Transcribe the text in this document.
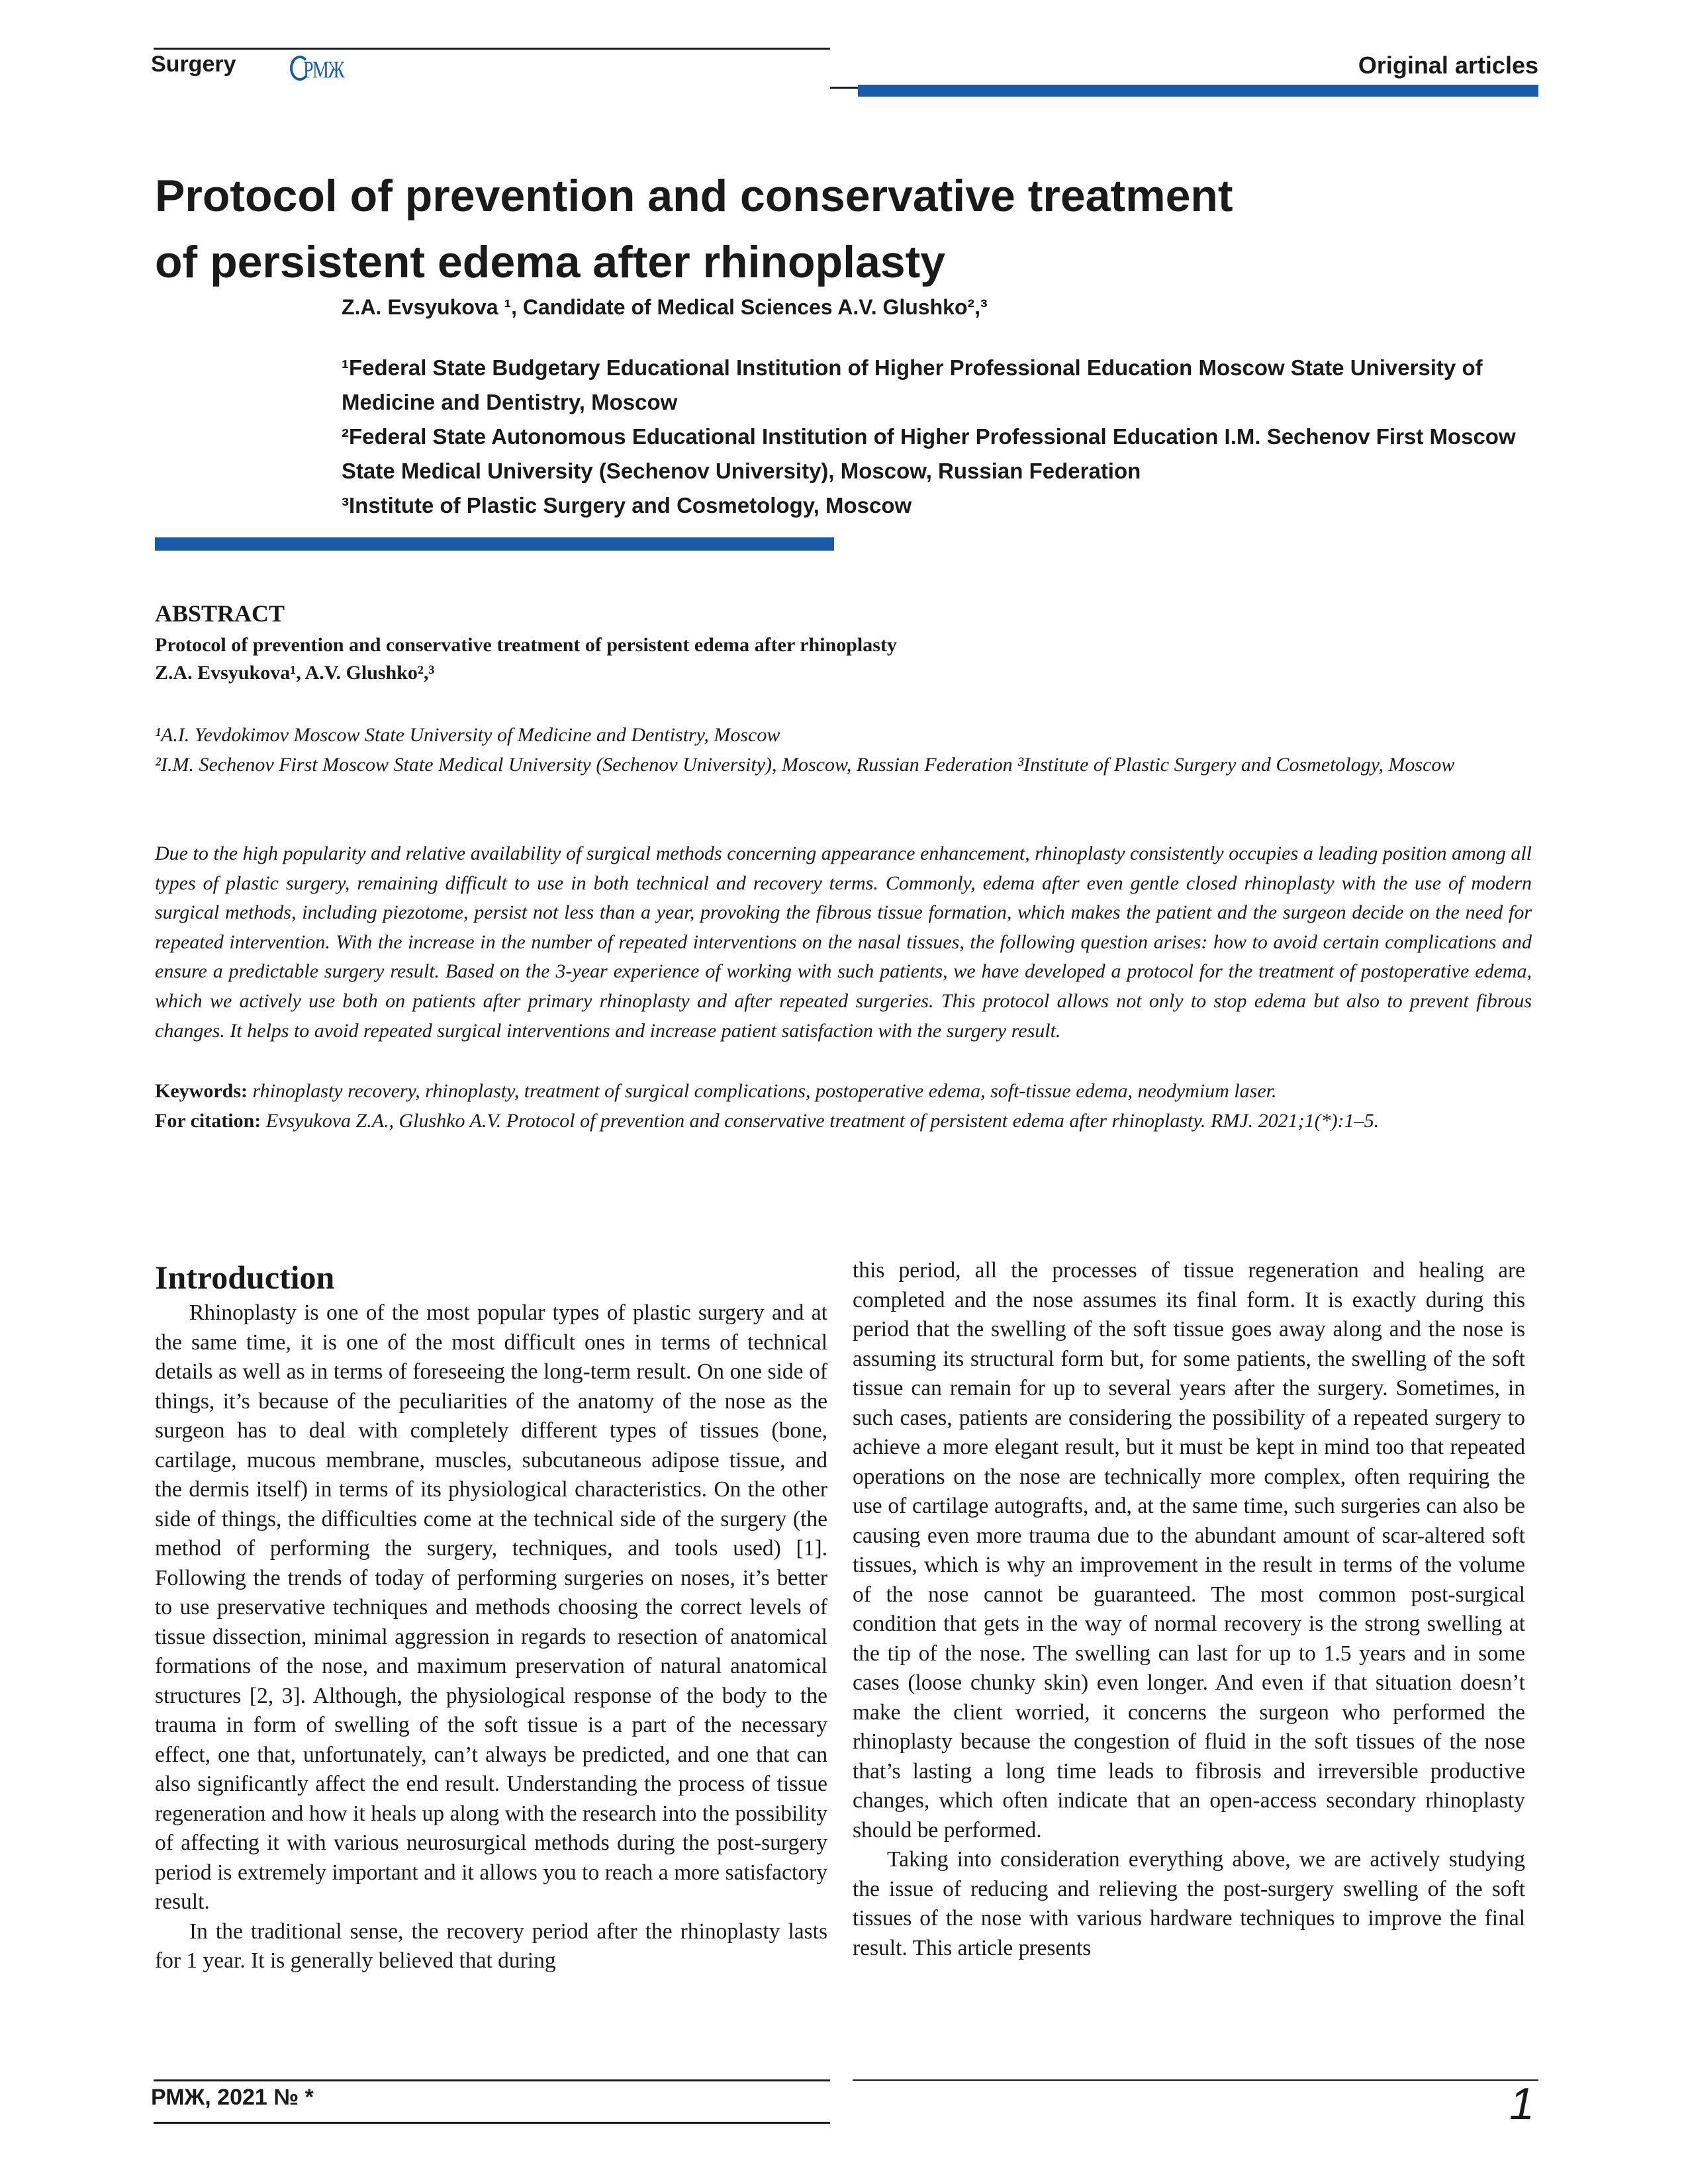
Surgery	РМЖ	Original articles
Protocol of prevention and conservative treatment
of persistent edema after rhinoplasty
Z.A. Evsyukova ¹, Candidate of Medical Sciences A.V. Glushko²,³

¹Federal State Budgetary Educational Institution of Higher Professional Education Moscow State University of Medicine and Dentistry, Moscow

²Federal State Autonomous Educational Institution of Higher Professional Education I.M. Sechenov First Moscow State Medical University (Sechenov University), Moscow, Russian Federation

³Institute of Plastic Surgery and Cosmetology, Moscow

ABSTRACT
Protocol of prevention and conservative treatment of persistent edema after rhinoplasty
Z.A. Evsyukova¹, A.V. Glushko²,³

¹A.I. Yevdokimov Moscow State University of Medicine and Dentistry, Moscow

²I.M. Sechenov First Moscow State Medical University (Sechenov University), Moscow, Russian Federation ³Institute of Plastic Surgery and Cosmetology, Moscow

Due to the high popularity and relative availability of surgical methods concerning appearance enhancement, rhinoplasty consistently occupies a leading position among all types of plastic surgery, remaining difficult to use in both technical and recovery terms. Commonly, edema after even gentle closed rhinoplasty with the use of modern surgical methods, including piezotome, persist not less than a year, provoking the fibrous tissue formation, which makes the patient and the surgeon decide on the need for repeated intervention. With the increase in the number of repeated interventions on the nasal tissues, the following question arises: how to avoid certain complications and ensure a predictable surgery result. Based on the 3-year experience of working with such patients, we have developed a protocol for the treatment of postoperative edema, which we actively use both on patients after primary rhinoplasty and after repeated surgeries. This protocol allows not only to stop edema but also to prevent fibrous changes. It helps to avoid repeated surgical interventions and increase patient satisfaction with the surgery result.

Keywords: rhinoplasty recovery, rhinoplasty, treatment of surgical complications, postoperative edema, soft-tissue edema, neodymium laser.

For citation: Evsyukova Z.A., Glushko A.V. Protocol of prevention and conservative treatment of persistent edema after rhinoplasty. RMJ. 2021;1(*):1–5.

Introduction

Rhinoplasty is one of the most popular types of plastic surgery and at the same time, it is one of the most difficult ones in terms of technical details as well as in terms of foreseeing the long-term result. On one side of things, it’s because of the peculiarities of the anatomy of the nose as the surgeon has to deal with completely different types of tissues (bone, cartilage, mucous membrane, muscles, subcutaneous adipose tissue, and the dermis itself) in terms of its physiological characteristics. On the other side of things, the difficulties come at the technical side of the surgery (the method of performing the surgery, techniques, and tools used) [1]. Following the trends of today of performing surgeries on noses, it’s better to use preservative techniques and methods choosing the correct levels of tissue dissection, minimal aggression in regards to resection of anatomical formations of the nose, and maximum preservation of natural anatomical structures [2, 3]. Although, the physiological response of the body to the trauma in form of swelling of the soft tissue is a part of the necessary effect, one that, unfortunately, can’t always be predicted, and one that can also significantly affect the end result. Understanding the process of tissue regeneration and how it heals up along with the research into the possibility of affecting it with various neurosurgical methods during the post-surgery period is extremely important and it allows you to reach a more satisfactory result.

In the traditional sense, the recovery period after the rhinoplasty lasts for 1 year. It is generally believed that during

this period, all the processes of tissue regeneration and healing are completed and the nose assumes its final form. It is exactly during this period that the swelling of the soft tissue goes away along and the nose is assuming its structural form but, for some patients, the swelling of the soft tissue can remain for up to several years after the surgery. Sometimes, in such cases, patients are considering the possibility of a repeated surgery to achieve a more elegant result, but it must be kept in mind too that repeated operations on the nose are technically more complex, often requiring the use of cartilage autografts, and, at the same time, such surgeries can also be causing even more trauma due to the abundant amount of scar-altered soft tissues, which is why an improvement in the result in terms of the volume of the nose cannot be guaranteed. The most common post-surgical condition that gets in the way of normal recovery is the strong swelling at the tip of the nose. The swelling can last for up to 1.5 years and in some cases (loose chunky skin) even longer. And even if that situation doesn’t make the client worried, it concerns the surgeon who performed the rhinoplasty because the congestion of fluid in the soft tissues of the nose that’s lasting a long time leads to fibrosis and irreversible productive changes, which often indicate that an open-access secondary rhinoplasty should be performed.

Taking into consideration everything above, we are actively studying the issue of reducing and relieving the post-surgery swelling of the soft tissues of the nose with various hardware techniques to improve the final result. This article presents

РМЖ, 2021 № *	1
